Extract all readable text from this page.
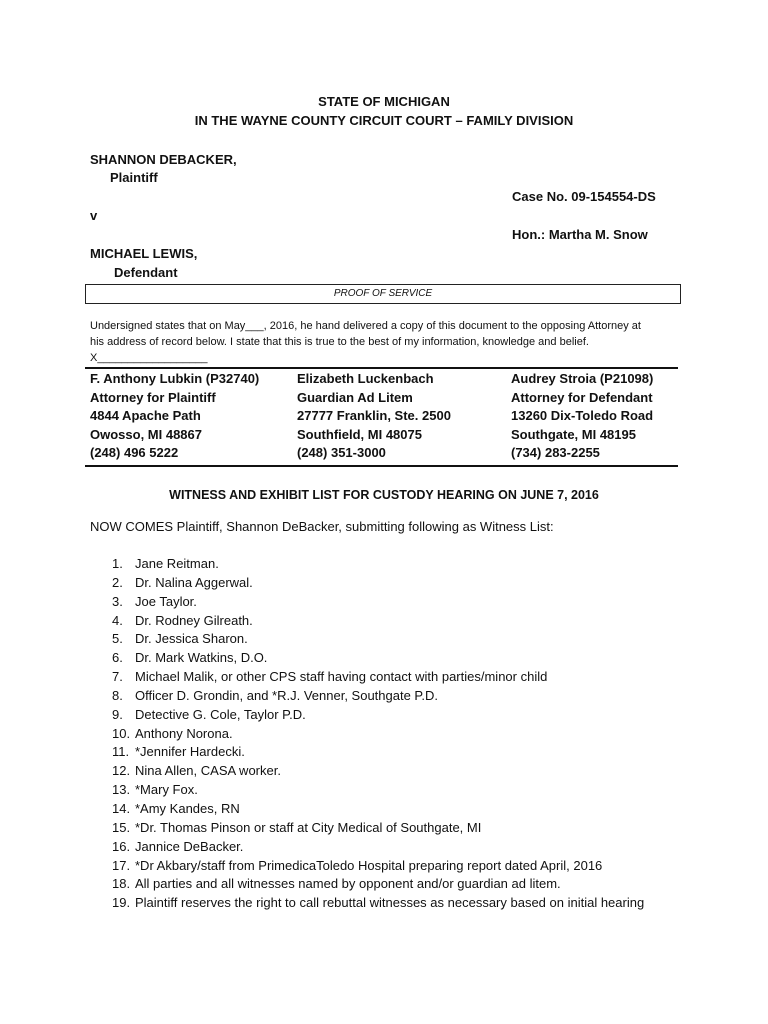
STATE OF MICHIGAN
IN THE WAYNE COUNTY CIRCUIT COURT – FAMILY DIVISION
SHANNON DEBACKER,
Plaintiff
Case No. 09-154554-DS
v
Hon.: Martha M. Snow
MICHAEL LEWIS,
Defendant
PROOF OF SERVICE
Undersigned states that on May___, 2016, he hand delivered a copy of this document to the opposing Attorney at
his address of record below. I state that this is true to the best of my information, knowledge and belief.
X__________________
F. Anthony Lubkin (P32740)
Attorney for Plaintiff
4844 Apache Path
Owosso, MI 48867
(248) 496 5222
Elizabeth Luckenbach
Guardian Ad Litem
27777 Franklin, Ste. 2500
Southfield, MI 48075
(248) 351-3000
Audrey Stroia (P21098)
Attorney for Defendant
13260 Dix-Toledo Road
Southgate, MI 48195
(734) 283-2255
WITNESS AND EXHIBIT LIST FOR CUSTODY HEARING ON JUNE 7, 2016
NOW COMES Plaintiff, Shannon DeBacker, submitting following as Witness List:
1. Jane Reitman.
2. Dr. Nalina Aggerwal.
3. Joe Taylor.
4. Dr. Rodney Gilreath.
5. Dr. Jessica Sharon.
6. Dr. Mark Watkins, D.O.
7. Michael Malik, or other CPS staff having contact with parties/minor child
8. Officer D. Grondin, and *R.J. Venner, Southgate P.D.
9. Detective G. Cole, Taylor P.D.
10. Anthony Norona.
11. *Jennifer Hardecki.
12. Nina Allen, CASA worker.
13. *Mary Fox.
14. *Amy Kandes, RN
15. *Dr. Thomas Pinson or staff at City Medical of Southgate, MI
16. Jannice DeBacker.
17. *Dr Akbary/staff from PrimedicaToledo Hospital preparing report dated April, 2016
18. All parties and all witnesses named by opponent and/or guardian ad litem.
19. Plaintiff reserves the right to call rebuttal witnesses as necessary based on initial hearing
